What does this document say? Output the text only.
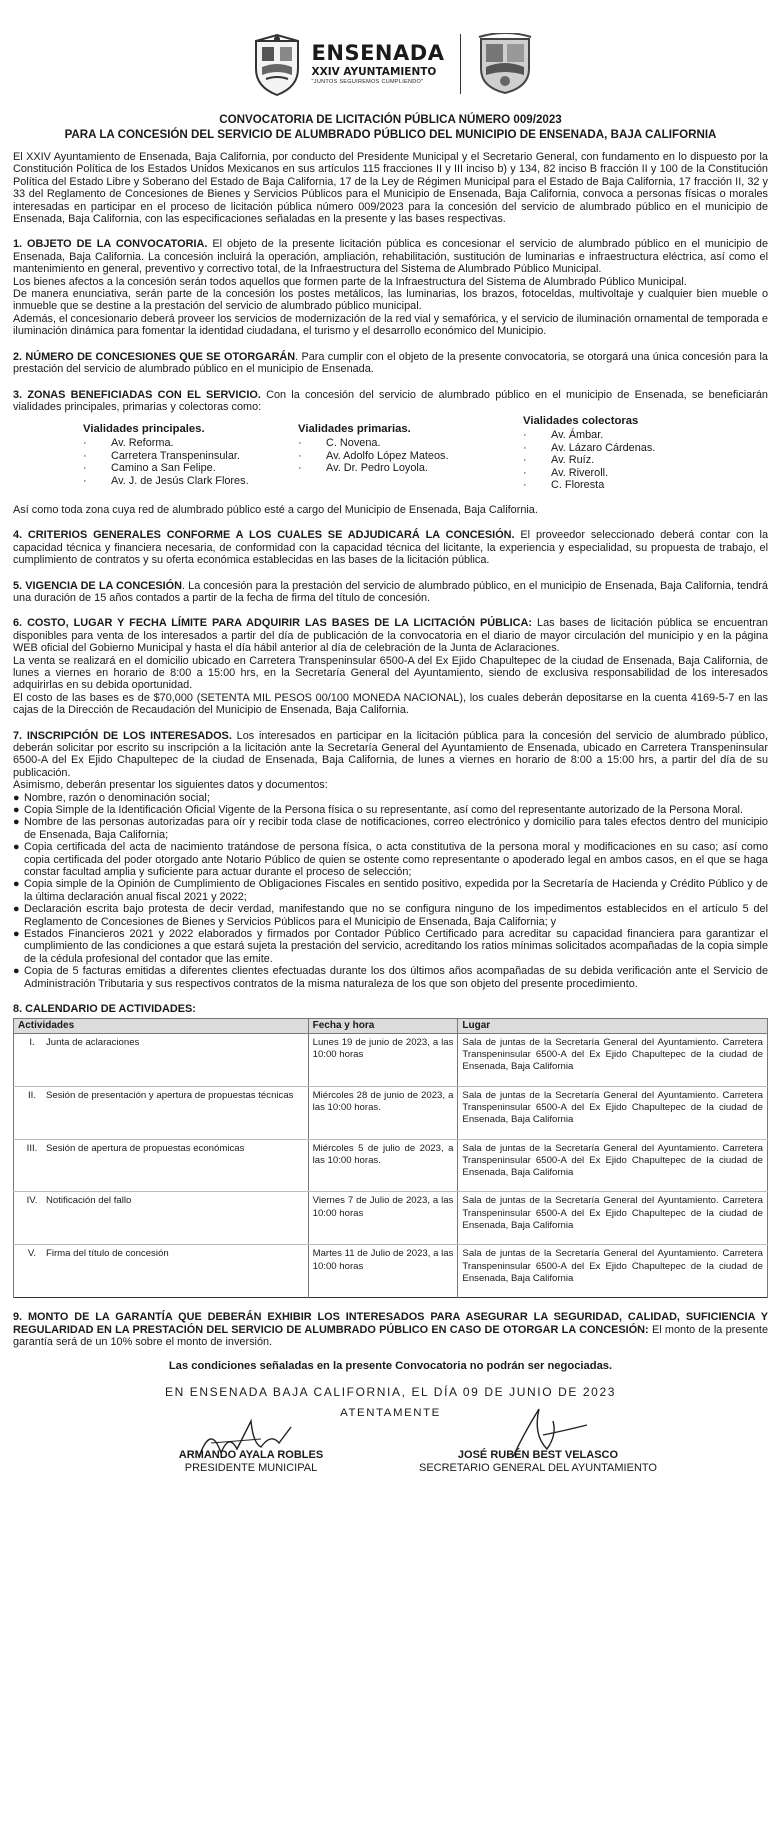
ENSENADA
XXIV AYUNTAMIENTO
"JUNTOS SEGUIREMOS CUMPLIENDO"
CONVOCATORIA DE LICITACIÓN PÚBLICA NÚMERO 009/2023
PARA LA CONCESIÓN DEL SERVICIO DE ALUMBRADO PÚBLICO DEL MUNICIPIO DE ENSENADA, BAJA CALIFORNIA

El XXIV Ayuntamiento de Ensenada, Baja California, por conducto del Presidente Municipal y el Secretario General, con fundamento en lo dispuesto por la Constitución Política de los Estados Unidos Mexicanos en sus artículos 115 fracciones II y III inciso b) y 134, 82 inciso B fracción II y 100 de la Constitución Política del Estado Libre y Soberano del Estado de Baja California, 17 de la Ley de Régimen Municipal para el Estado de Baja California, 17 fracción II, 32 y 33 del Reglamento de Concesiones de Bienes y Servicios Públicos para el Municipio de Ensenada, Baja California, convoca a personas físicas o morales interesadas en participar en el proceso de licitación pública número 009/2023 para la concesión del servicio de alumbrado público en el municipio de Ensenada, Baja California, con las especificaciones señaladas en la presente y las bases respectivas.

1. OBJETO DE LA CONVOCATORIA. El objeto de la presente licitación pública es concesionar el servicio de alumbrado público en el municipio de Ensenada, Baja California. La concesión incluirá la operación, ampliación, rehabilitación, sustitución de luminarias e infraestructura eléctrica, así como el mantenimiento en general, preventivo y correctivo total, de la Infraestructura del Sistema de Alumbrado Público Municipal.

Los bienes afectos a la concesión serán todos aquellos que formen parte de la Infraestructura del Sistema de Alumbrado Público Municipal.

De manera enunciativa, serán parte de la concesión los postes metálicos, las luminarias, los brazos, fotoceldas, multivoltaje y cualquier bien mueble o inmueble que se destine a la prestación del servicio de alumbrado público municipal.

Además, el concesionario deberá proveer los servicios de modernización de la red vial y semafórica, y el servicio de iluminación ornamental de temporada e iluminación dinámica para fomentar la identidad ciudadana, el turismo y el desarrollo económico del Municipio.

2. NÚMERO DE CONCESIONES QUE SE OTORGARÁN. Para cumplir con el objeto de la presente convocatoria, se otorgará una única concesión para la prestación del servicio de alumbrado público en el municipio de Ensenada.

3. ZONAS BENEFICIADAS CON EL SERVICIO. Con la concesión del servicio de alumbrado público en el municipio de Ensenada, se beneficiarán vialidades principales, primarias y colectoras como:

Vialidades principales.
·	Av. Reforma.
·	Carretera Transpeninsular.
·	Camino a San Felipe.
·	Av. J. de Jesús Clark Flores.
Vialidades primarias.
·	C. Novena.
·	Av. Adolfo López Mateos.
·	Av. Dr. Pedro Loyola.
Vialidades colectoras
·	Av. Ámbar.
·	Av. Lázaro Cárdenas.
·	Av. Ruíz.
·	Av. Riveroll.
·	C. Floresta

Así como toda zona cuya red de alumbrado público esté a cargo del Municipio de Ensenada, Baja California.

4. CRITERIOS GENERALES CONFORME A LOS CUALES SE ADJUDICARÁ LA CONCESIÓN. El proveedor seleccionado deberá contar con la capacidad técnica y financiera necesaria, de conformidad con la capacidad técnica del licitante, la experiencia y especialidad, su propuesta de trabajo, el cumplimiento de contratos y su oferta económica establecidas en las bases de la licitación pública.

5. VIGENCIA DE LA CONCESIÓN. La concesión para la prestación del servicio de alumbrado público, en el municipio de Ensenada, Baja California, tendrá una duración de 15 años contados a partir de la fecha de firma del título de concesión.

6. COSTO, LUGAR Y FECHA LÍMITE PARA ADQUIRIR LAS BASES DE LA LICITACIÓN PÚBLICA: Las bases de licitación pública se encuentran disponibles para venta de los interesados a partir del día de publicación de la convocatoria en el diario de mayor circulación del municipio y en la página WEB oficial del Gobierno Municipal y hasta el día hábil anterior al día de celebración de la Junta de Aclaraciones.

La venta se realizará en el domicilio ubicado en Carretera Transpeninsular 6500-A del Ex Ejido Chapultepec de la ciudad de Ensenada, Baja California, de lunes a viernes en horario de 8:00 a 15:00 hrs, en la Secretaría General del Ayuntamiento, siendo de exclusiva responsabilidad de los interesados adquirirlas en su debida oportunidad.

El costo de las bases es de $70,000 (SETENTA MIL PESOS 00/100 MONEDA NACIONAL), los cuales deberán depositarse en la cuenta 4169-5-7 en las cajas de la Dirección de Recaudación del Municipio de Ensenada, Baja California.

7. INSCRIPCIÓN DE LOS INTERESADOS. Los interesados en participar en la licitación pública para la concesión del servicio de alumbrado público, deberán solicitar por escrito su inscripción a la licitación ante la Secretaría General del Ayuntamiento de Ensenada, ubicado en Carretera Transpeninsular 6500-A del Ex Ejido Chapultepec de la ciudad de Ensenada, Baja California, de lunes a viernes en horario de 8:00 a 15:00 hrs, a partir del día de su publicación.

Asimismo, deberán presentar los siguientes datos y documentos:

● Nombre, razón o denominación social;
● Copia Simple de la Identificación Oficial Vigente de la Persona física o su representante, así como del representante autorizado de la Persona Moral.
● Nombre de las personas autorizadas para oír y recibir toda clase de notificaciones, correo electrónico y domicilio para tales efectos dentro del municipio de Ensenada, Baja California;
● Copia certificada del acta de nacimiento tratándose de persona física, o acta constitutiva de la persona moral y modificaciones en su caso; así como copia certificada del poder otorgado ante Notario Público de quien se ostente como representante o apoderado legal en ambos casos, en el que se haga constar facultad amplia y suficiente para actuar durante el proceso de selección;
● Copia simple de la Opinión de Cumplimiento de Obligaciones Fiscales en sentido positivo, expedida por la Secretaría de Hacienda y Crédito Público y de la última declaración anual fiscal 2021 y 2022;
● Declaración escrita bajo protesta de decir verdad, manifestando que no se configura ninguno de los impedimentos establecidos en el artículo 5 del Reglamento de Concesiones de Bienes y Servicios Públicos para el Municipio de Ensenada, Baja California; y
● Estados Financieros 2021 y 2022 elaborados y firmados por Contador Público Certificado para acreditar su capacidad financiera para garantizar el cumplimiento de las condiciones a que estará sujeta la prestación del servicio, acreditando los ratios mínimas solicitados acompañadas de la copia simple de la cédula profesional del contador que las emite.
● Copia de 5 facturas emitidas a diferentes clientes efectuadas durante los dos últimos años acompañadas de su debida verificación ante el Servicio de Administración Tributaria y sus respectivos contratos de la misma naturaleza de los que son objeto del presente procedimiento.

8. CALENDARIO DE ACTIVIDADES:

Actividades	Fecha y hora	Lugar

I. Junta de aclaraciones	Lunes 19 de junio de 2023, a las 10:00 horas	Sala de juntas de la Secretaría General del Ayuntamiento. Carretera Transpeninsular 6500-A del Ex Ejido Chapultepec de la ciudad de Ensenada, Baja California

II. Sesión de presentación y apertura de propuestas técnicas	Miércoles 28 de junio de 2023, a las 10:00 horas.	Sala de juntas de la Secretaría General del Ayuntamiento. Carretera Transpeninsular 6500-A del Ex Ejido Chapultepec de la ciudad de Ensenada, Baja California

III. Sesión de apertura de propuestas económicas	Miércoles 5 de julio de 2023, a las 10:00 horas.	Sala de juntas de la Secretaría General del Ayuntamiento. Carretera Transpeninsular 6500-A del Ex Ejido Chapultepec de la ciudad de Ensenada, Baja California

IV. Notificación del fallo	Viernes 7 de Julio de 2023, a las 10:00 horas	Sala de juntas de la Secretaría General del Ayuntamiento. Carretera Transpeninsular 6500-A del Ex Ejido Chapultepec de la ciudad de Ensenada, Baja California

V. Firma del título de concesión	Martes 11 de Julio de 2023, a las 10:00 horas	Sala de juntas de la Secretaría General del Ayuntamiento. Carretera Transpeninsular 6500-A del Ex Ejido Chapultepec de la ciudad de Ensenada, Baja California

9. MONTO DE LA GARANTÍA QUE DEBERÁN EXHIBIR LOS INTERESADOS PARA ASEGURAR LA SEGURIDAD, CALIDAD, SUFICIENCIA Y REGULARIDAD EN LA PRESTACIÓN DEL SERVICIO DE ALUMBRADO PÚBLICO EN CASO DE OTORGAR LA CONCESIÓN: El monto de la presente garantía será de un 10% sobre el monto de inversión.

Las condiciones señaladas en la presente Convocatoria no podrán ser negociadas.
EN ENSENADA BAJA CALIFORNIA, EL DÍA 09 DE JUNIO DE 2023
ATENTAMENTE
ARMANDO AYALA ROBLES
PRESIDENTE MUNICIPAL
JOSÉ RUBÉN BEST VELASCO
SECRETARIO GENERAL DEL AYUNTAMIENTO
